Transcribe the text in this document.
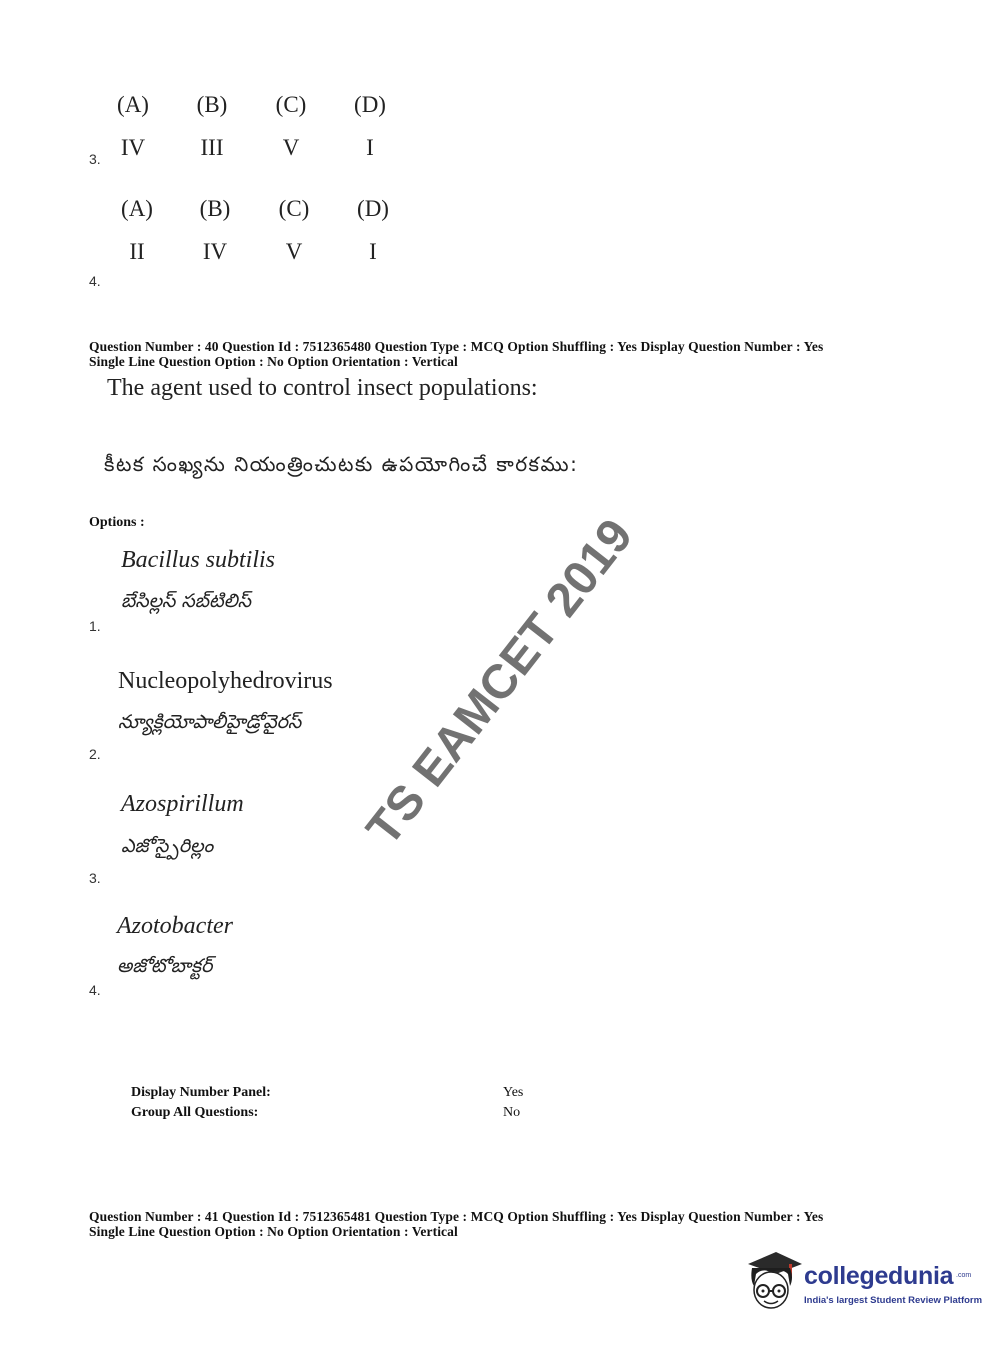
(A) (B) (C) (D)
IV	III	V	I
3.
(A) (B) (C) (D)
II	IV	V	I
4.
Question Number : 40 Question Id : 7512365480 Question Type : MCQ Option Shuffling : Yes Display Question Number : Yes
Single Line Question Option : No Option Orientation : Vertical
The agent used to control insect populations:
కీటక సంఖ్యను నియంత్రించుటకు ఉపయోగించే కారకము:
Options :
Bacillus subtilis
బేసిల్లస్ సబ్‌టిలిస్
1.
Nucleopolyhedrovirus
న్యూక్లియోపాలీహైడ్రోవైరస్
2.
Azospirillum
ఎజోస్పైరిల్లం
3.
Azotobacter
అజోటోబాక్టర్
4.
Display Number Panel:	Yes
Group All Questions:	No
Question Number : 41 Question Id : 7512365481 Question Type : MCQ Option Shuffling : Yes Display Question Number : Yes
Single Line Question Option : No Option Orientation : Vertical
TS EAMCET 2019
collegedunia .com
India's largest Student Review Platform
